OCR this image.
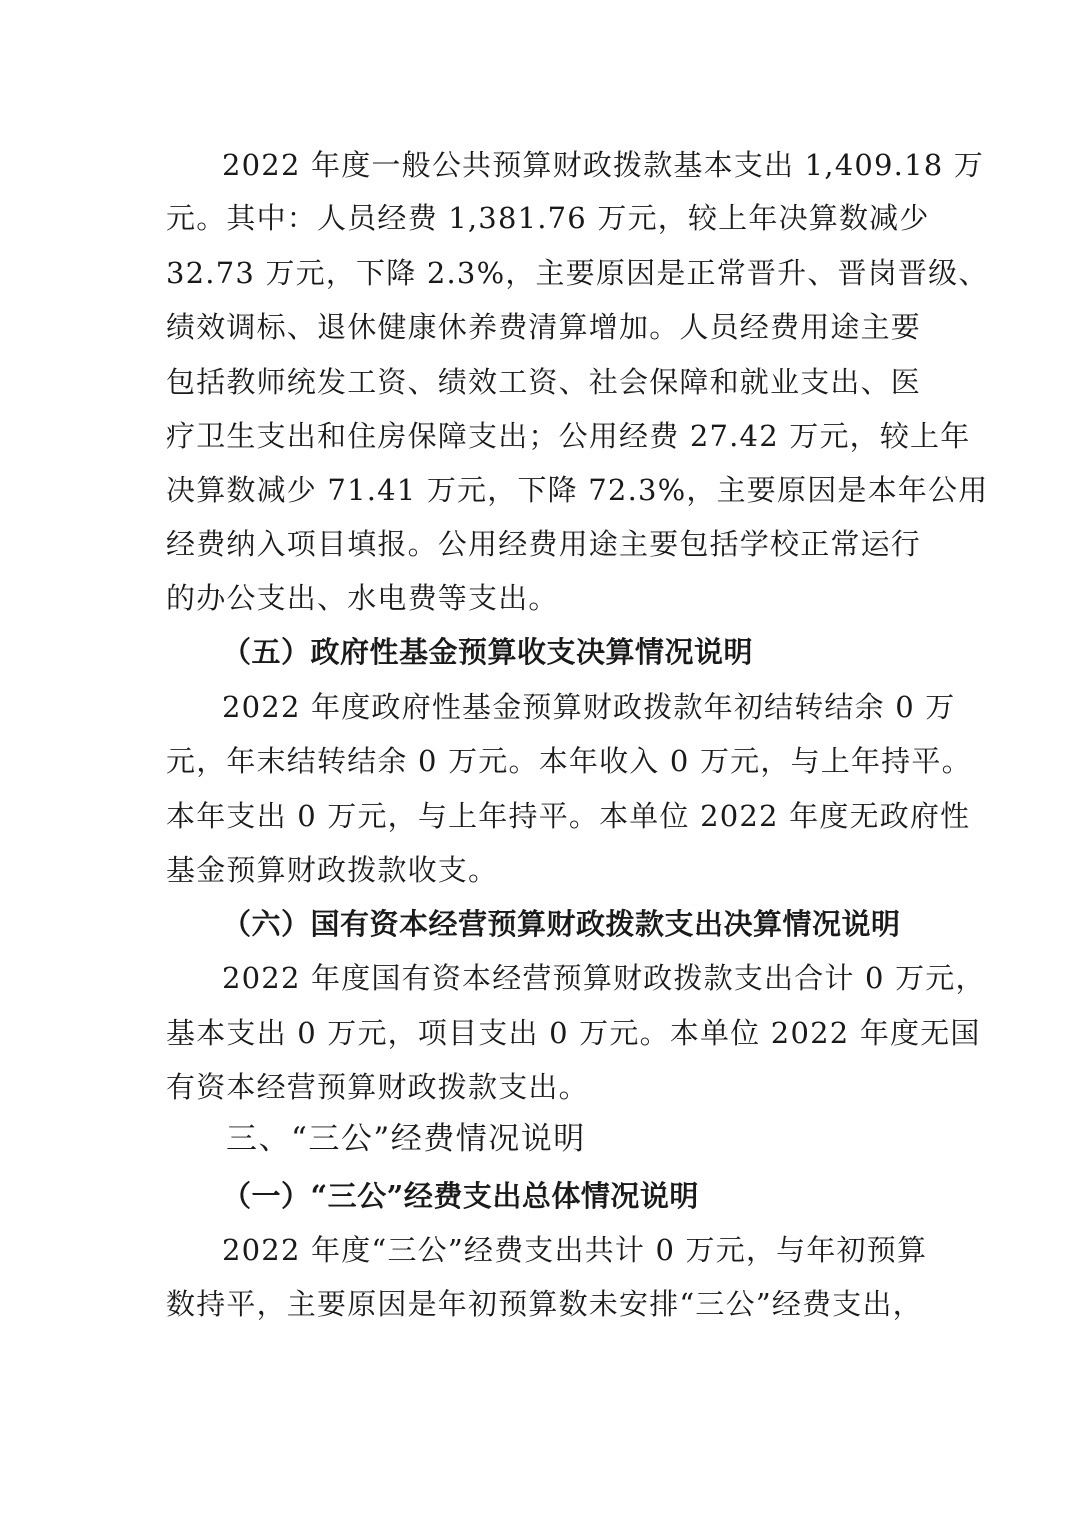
2022 年度一般公共预算财政拨款基本支出 1,409.18 万

元。其中：人员经费 1,381.76 万元，较上年决算数减少

32.73 万元，下降 2.3%，主要原因是正常晋升、晋岗晋级、

绩效调标、退休健康休养费清算增加。人员经费用途主要

包括教师统发工资、绩效工资、社会保障和就业支出、医

疗卫生支出和住房保障支出；公用经费 27.42 万元，较上年

决算数减少 71.41 万元，下降 72.3%，主要原因是本年公用

经费纳入项目填报。公用经费用途主要包括学校正常运行

的办公支出、水电费等支出。

（五）政府性基金预算收支决算情况说明

2022 年度政府性基金预算财政拨款年初结转结余 0 万

元，年末结转结余 0 万元。本年收入 0 万元，与上年持平。

本年支出 0 万元，与上年持平。本单位 2022 年度无政府性

基金预算财政拨款收支。

（六）国有资本经营预算财政拨款支出决算情况说明

2022 年度国有资本经营预算财政拨款支出合计 0 万元，

基本支出 0 万元，项目支出 0 万元。本单位 2022 年度无国

有资本经营预算财政拨款支出。

三、“三公”经费情况说明

（一）“三公”经费支出总体情况说明

2022 年度“三公”经费支出共计 0 万元，与年初预算

数持平，主要原因是年初预算数未安排“三公”经费支出，
